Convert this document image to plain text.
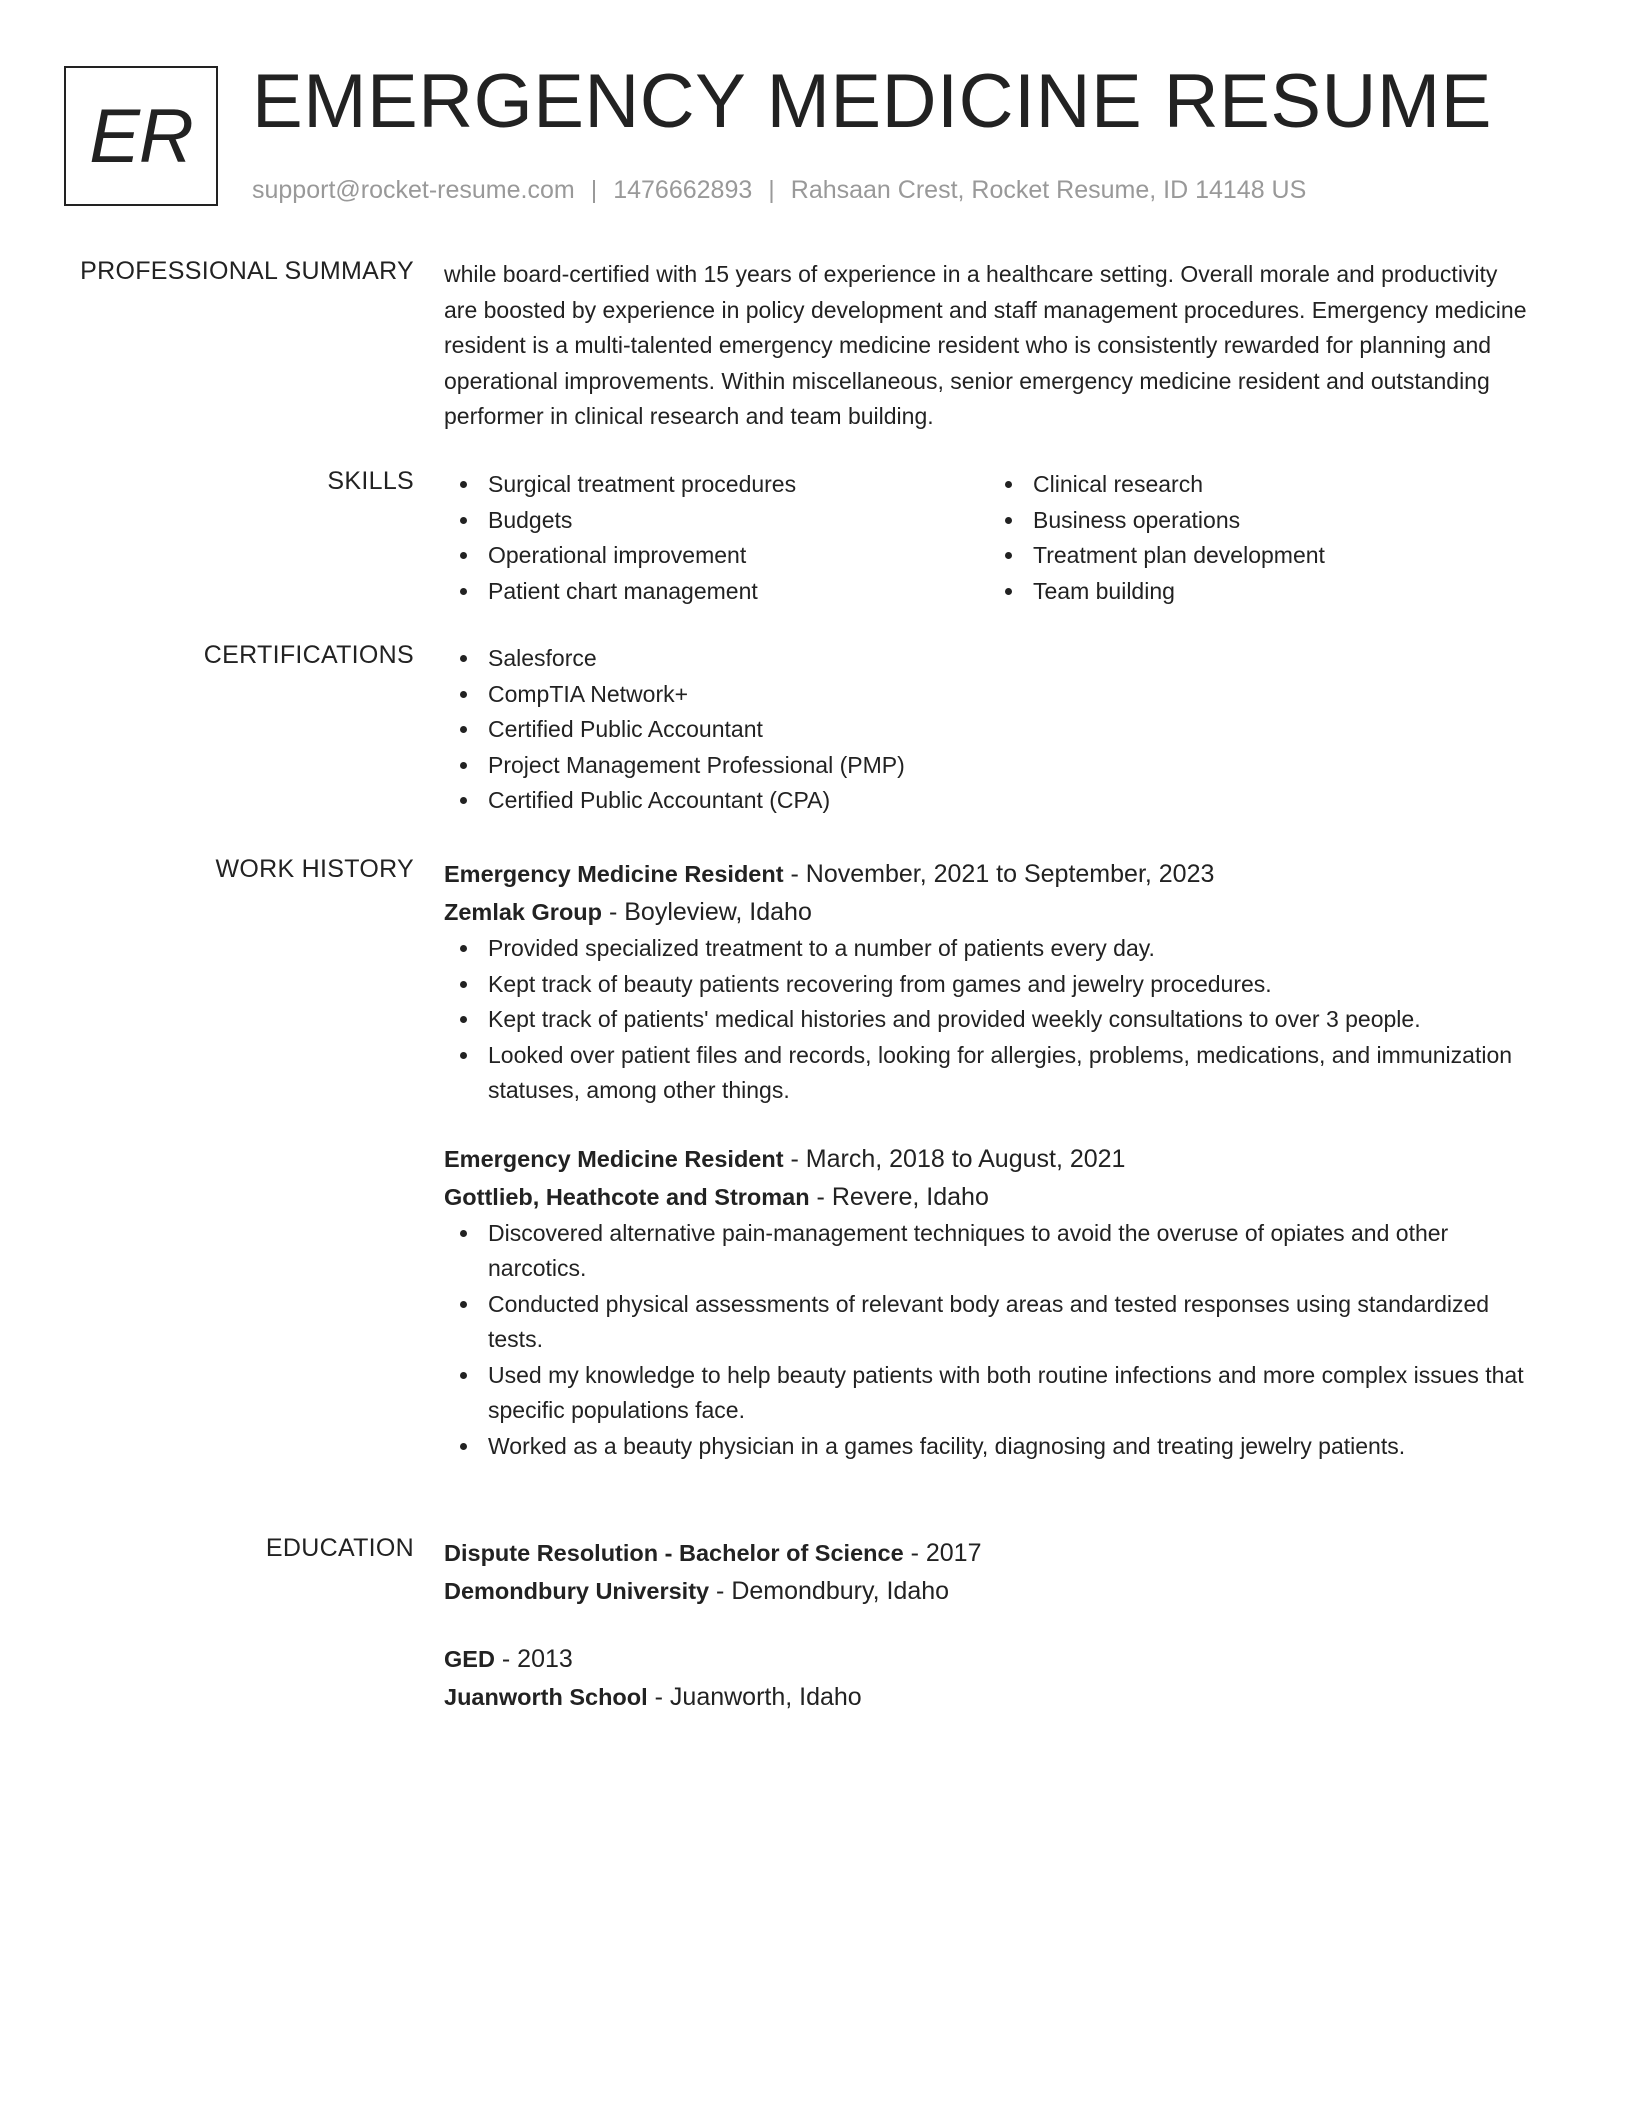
ER EMERGENCY MEDICINE RESUME
support@rocket-resume.com | 1476662893 | Rahsaan Crest, Rocket Resume, ID 14148 US
PROFESSIONAL SUMMARY while board-certified with 15 years of experience in a healthcare setting. Overall morale and productivity are boosted by experience in policy development and staff management procedures. Emergency medicine resident is a multi-talented emergency medicine resident who is consistently rewarded for planning and operational improvements. Within miscellaneous, senior emergency medicine resident and outstanding performer in clinical research and team building.

SKILLS	Surgical treatment procedures
Budgets
Operational improvement
Patient chart management
Clinical research
Business operations
Treatment plan development
Team building
CERTIFICATIONS	Salesforce
CompTIA Network+
Certified Public Accountant
Project Management Professional (PMP)
Certified Public Accountant (CPA)
WORK HISTORY Emergency Medicine Resident - November, 2021 to September, 2023
Zemlak Group - Boyleview, Idaho
Provided specialized treatment to a number of patients every day.
Kept track of beauty patients recovering from games and jewelry procedures.
Kept track of patients' medical histories and provided weekly consultations to over 3 people.
Looked over patient files and records, looking for allergies, problems, medications, and immunization statuses, among other things.
Emergency Medicine Resident - March, 2018 to August, 2021
Gottlieb, Heathcote and Stroman - Revere, Idaho
Discovered alternative pain-management techniques to avoid the overuse of opiates and other narcotics.
Conducted physical assessments of relevant body areas and tested responses using standardized tests.
Used my knowledge to help beauty patients with both routine infections and more complex issues that specific populations face.
Worked as a beauty physician in a games facility, diagnosing and treating jewelry patients.
EDUCATION Dispute Resolution - Bachelor of Science - 2017
Demondbury University - Demondbury, Idaho
GED - 2013
Juanworth School - Juanworth, Idaho
